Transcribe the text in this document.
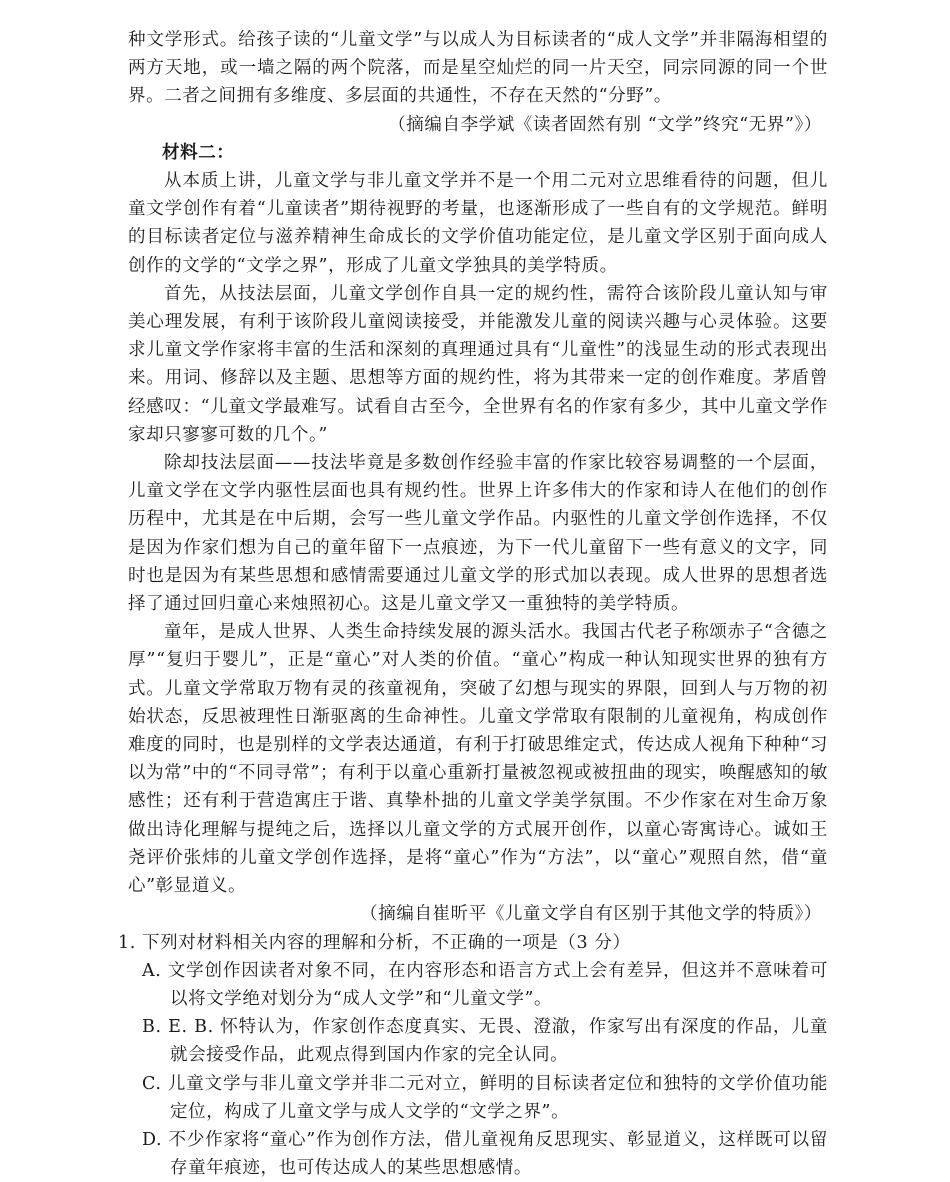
种文学形式。给孩子读的“儿童文学”与以成人为目标读者的“成人文学”并非隔海相望的两方天地，或一墙之隔的两个院落，而是星空灿烂的同一片天空，同宗同源的同一个世界。二者之间拥有多维度、多层面的共通性，不存在天然的“分野”。

（摘编自李学斌《读者固然有别 “文学”终究“无界”》）

材料二：

从本质上讲，儿童文学与非儿童文学并不是一个用二元对立思维看待的问题，但儿童文学创作有着“儿童读者”期待视野的考量，也逐渐形成了一些自有的文学规范。鲜明的目标读者定位与滋养精神生命成长的文学价值功能定位，是儿童文学区别于面向成人创作的文学的“文学之界”，形成了儿童文学独具的美学特质。

首先，从技法层面，儿童文学创作自具一定的规约性，需符合该阶段儿童认知与审美心理发展，有利于该阶段儿童阅读接受，并能激发儿童的阅读兴趣与心灵体验。这要求儿童文学作家将丰富的生活和深刻的真理通过具有“儿童性”的浅显生动的形式表现出来。用词、修辞以及主题、思想等方面的规约性，将为其带来一定的创作难度。茅盾曾经感叹：“儿童文学最难写。试看自古至今，全世界有名的作家有多少，其中儿童文学作家却只寥寥可数的几个。”

除却技法层面——技法毕竟是多数创作经验丰富的作家比较容易调整的一个层面，儿童文学在文学内驱性层面也具有规约性。世界上许多伟大的作家和诗人在他们的创作历程中，尤其是在中后期，会写一些儿童文学作品。内驱性的儿童文学创作选择，不仅是因为作家们想为自己的童年留下一点痕迹，为下一代儿童留下一些有意义的文字，同时也是因为有某些思想和感情需要通过儿童文学的形式加以表现。成人世界的思想者选择了通过回归童心来烛照初心。这是儿童文学又一重独特的美学特质。

童年，是成人世界、人类生命持续发展的源头活水。我国古代老子称颂赤子“含德之厚”“复归于婴儿”，正是“童心”对人类的价值。“童心”构成一种认知现实世界的独有方式。儿童文学常取万物有灵的孩童视角，突破了幻想与现实的界限，回到人与万物的初始状态，反思被理性日渐驱离的生命神性。儿童文学常取有限制的儿童视角，构成创作难度的同时，也是别样的文学表达通道，有利于打破思维定式，传达成人视角下种种“习以为常”中的“不同寻常”；有利于以童心重新打量被忽视或被扭曲的现实，唤醒感知的敏感性；还有利于营造寓庄于谐、真挚朴拙的儿童文学美学氛围。不少作家在对生命万象做出诗化理解与提纯之后，选择以儿童文学的方式展开创作，以童心寄寓诗心。诚如王尧评价张炜的儿童文学创作选择，是将“童心”作为“方法”，以“童心”观照自然，借“童心”彰显道义。

（摘编自崔昕平《儿童文学自有区别于其他文学的特质》）

1. 下列对材料相关内容的理解和分析，不正确的一项是（3 分）

A. 文学创作因读者对象不同，在内容形态和语言方式上会有差异，但这并不意味着可以将文学绝对划分为“成人文学”和“儿童文学”。

B. E. B. 怀特认为，作家创作态度真实、无畏、澄澈，作家写出有深度的作品，儿童就会接受作品，此观点得到国内作家的完全认同。

C. 儿童文学与非儿童文学并非二元对立，鲜明的目标读者定位和独特的文学价值功能定位，构成了儿童文学与成人文学的“文学之界”。

D. 不少作家将“童心”作为创作方法，借儿童视角反思现实、彰显道义，这样既可以留存童年痕迹，也可传达成人的某些思想感情。
